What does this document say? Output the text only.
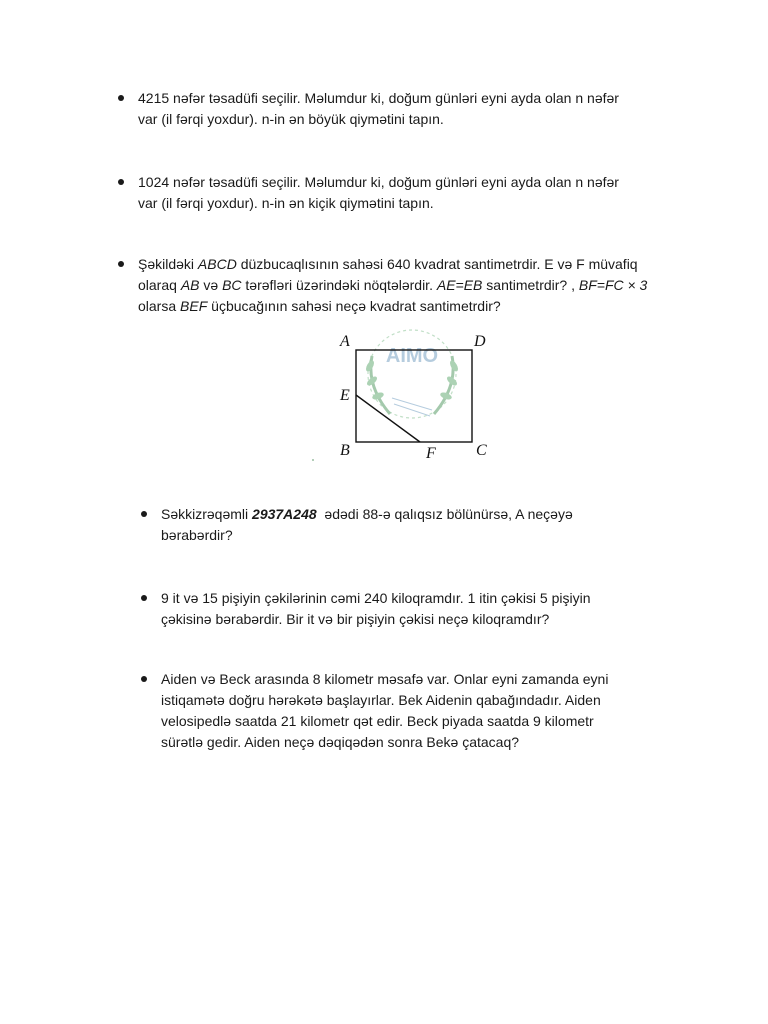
4215 nəfər təsadüfi seçilir. Məlumdur ki, doğum günləri eyni ayda olan n nəfər
var (il fərqi yoxdur). n-in ən böyük qiymətini tapın.
1024 nəfər təsadüfi seçilir. Məlumdur ki, doğum günləri eyni ayda olan n nəfər
var (il fərqi yoxdur). n-in ən kiçik qiymətini tapın.
Şəkildəki ABCD düzbucaqlısının sahəsi 640 kvadrat santimetrdir. E və F müvafiq
olaraq AB və BC tərəfləri üzərindəki nöqtələrdir. AE=EB santimetrdir? , BF=FC × 3
olarsa BEF üçbucağının sahəsi neçə kvadrat santimetrdir?
AIMO
A	D
E
B	F	C
Səkkizrəqəmli 2937A248  ədədi 88-ə qalıqsız bölünürsə, A neçəyə
bərabərdir?
9 it və 15 pişiyin çəkilərinin cəmi 240 kiloqramdır. 1 itin çəkisi 5 pişiyin
çəkisinə bərabərdir. Bir it və bir pişiyin çəkisi neçə kiloqramdır?
Aiden və Beck arasında 8 kilometr məsafə var. Onlar eyni zamanda eyni
istiqamətə doğru hərəkətə başlayırlar. Bek Aidenin qabağındadır. Aiden
velosipedlə saatda 21 kilometr qət edir. Beck piyada saatda 9 kilometr
sürətlə gedir. Aiden neçə dəqiqədən sonra Bekə çatacaq?
